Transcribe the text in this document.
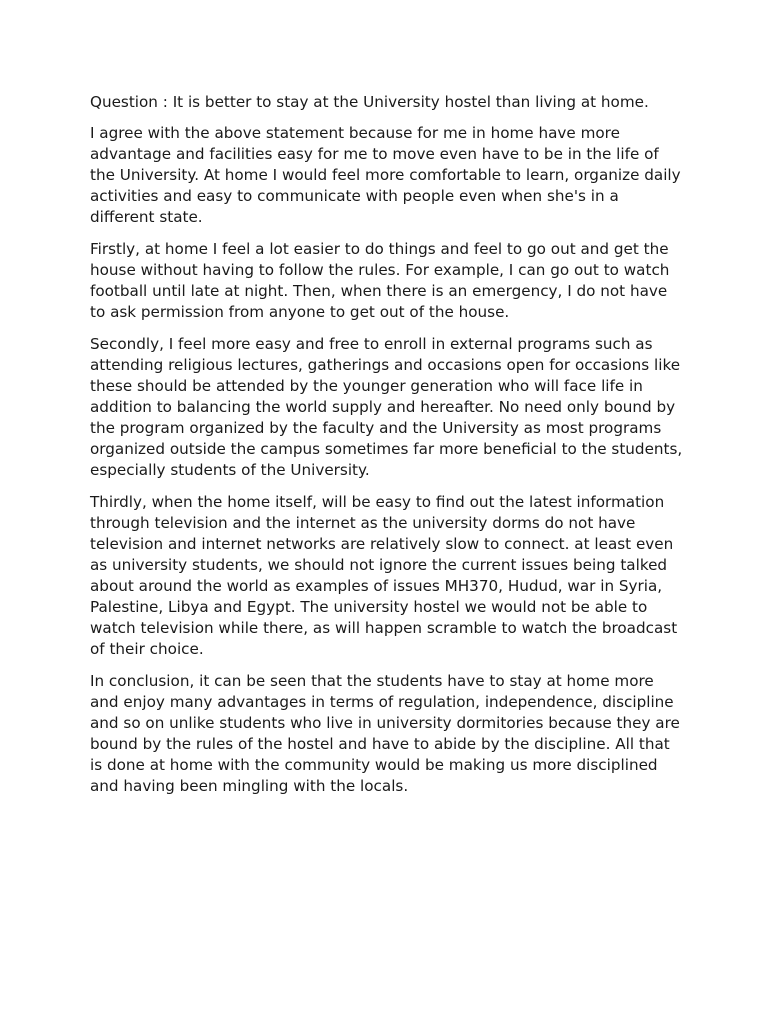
Question : It is better to stay at the University hostel than living at home.

I agree with the above statement because for me in home have more advantage and facilities easy for me to move even have to be in the life of the University. At home I would feel more comfortable to learn, organize daily activities and easy to communicate with people even when she's in a different state.

Firstly, at home I feel a lot easier to do things and feel to go out and get the house without having to follow the rules. For example, I can go out to watch football until late at night. Then, when there is an emergency, I do not have to ask permission from anyone to get out of the house.

Secondly, I feel more easy and free to enroll in external programs such as attending religious lectures, gatherings and occasions open for occasions like these should be attended by the younger generation who will face life in addition to balancing the world supply and hereafter. No need only bound by the program organized by the faculty and the University as most programs organized outside the campus sometimes far more beneficial to the students, especially students of the University.

Thirdly, when the home itself, will be easy to find out the latest information through television and the internet as the university dorms do not have television and internet networks are relatively slow to connect. at least even as university students, we should not ignore the current issues being talked about around the world as examples of issues MH370, Hudud, war in Syria, Palestine, Libya and Egypt. The university hostel we would not be able to watch television while there, as will happen scramble to watch the broadcast of their choice.

In conclusion, it can be seen that the students have to stay at home more and enjoy many advantages in terms of regulation, independence, discipline and so on unlike students who live in university dormitories because they are bound by the rules of the hostel and have to abide by the discipline. All that is done at home with the community would be making us more disciplined and having been mingling with the locals.
